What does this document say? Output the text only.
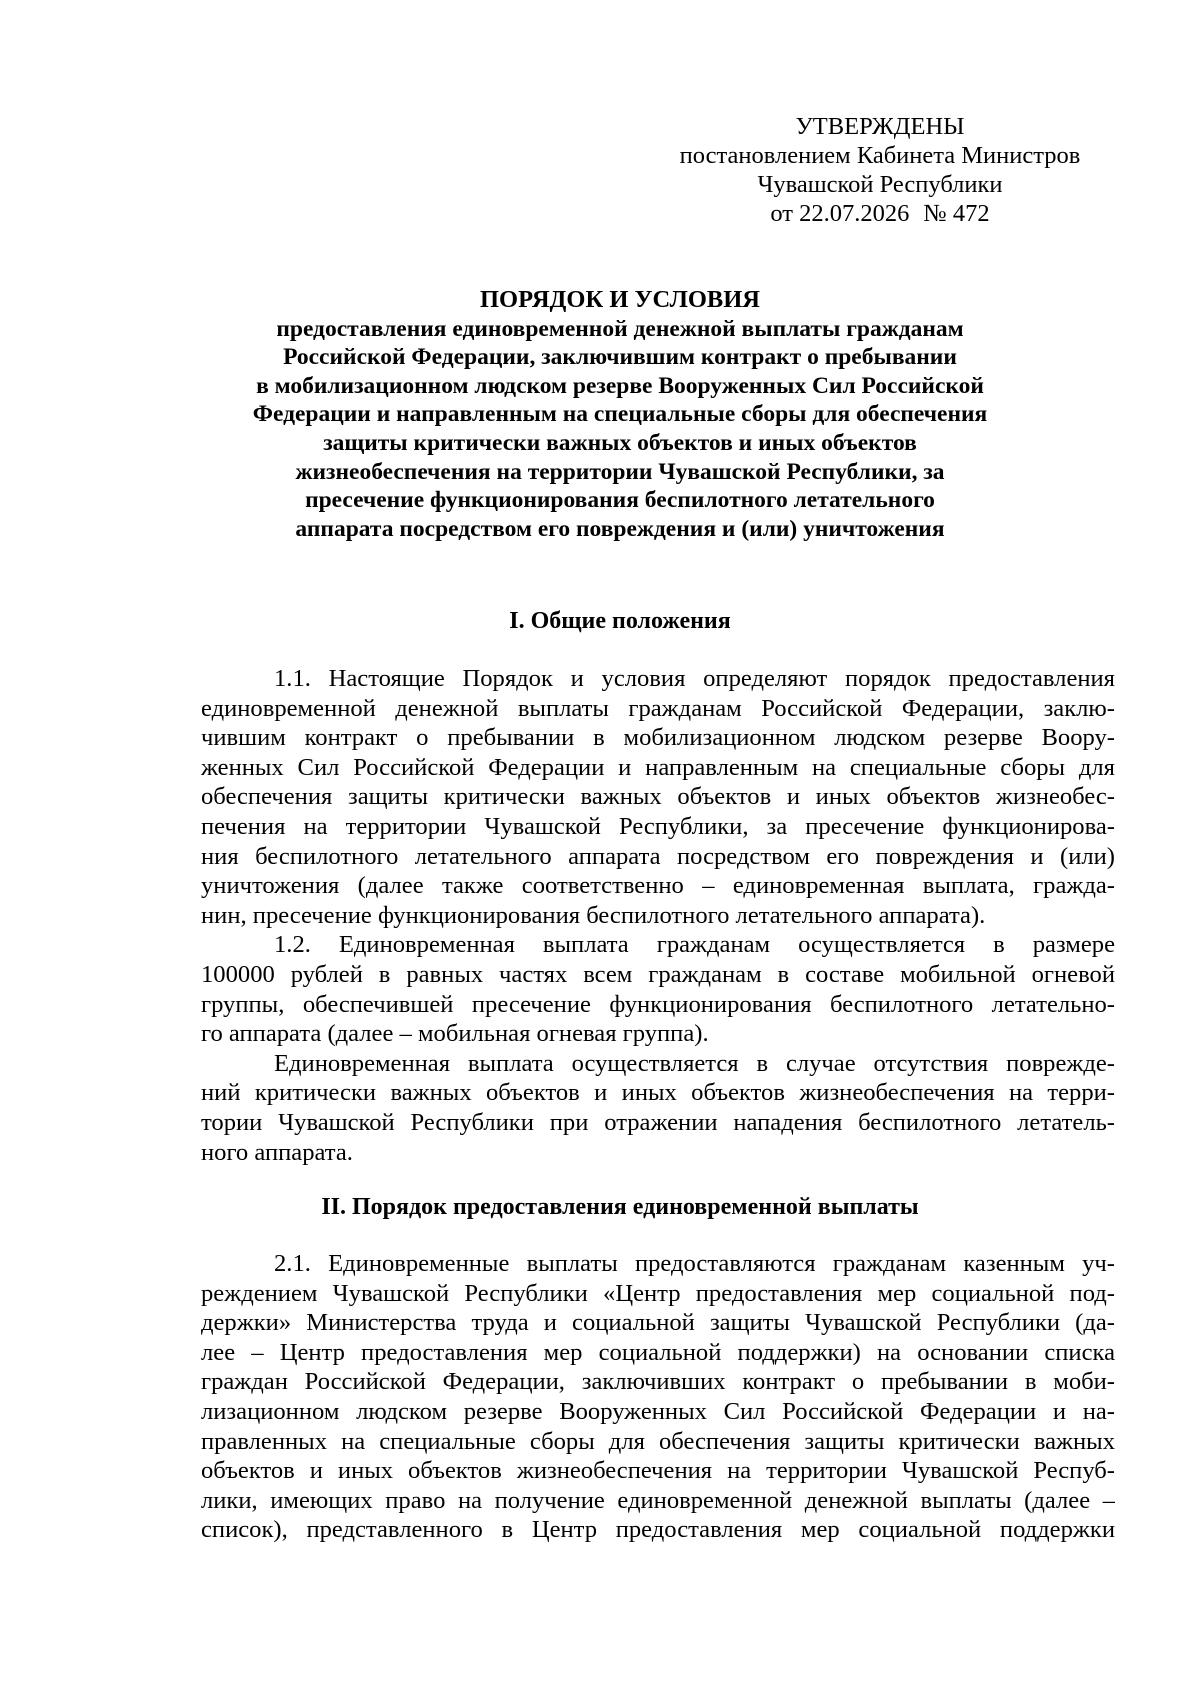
УТВЕРЖДЕНЫ
постановлением Кабинета Министров
Чувашской Республики
от 22.07.2026 № 472
ПОРЯДОК И УСЛОВИЯ
предоставления единовременной денежной выплаты гражданам
Российской Федерации, заключившим контракт о пребывании
в мобилизационном людском резерве Вооруженных Сил Российской
Федерации и направленным на специальные сборы для обеспечения
защиты критически важных объектов и иных объектов
жизнеобеспечения на территории Чувашской Республики, за
пресечение функционирования беспилотного летательного
аппарата посредством его повреждения и (или) уничтожения
I. Общие положения
1.1. Настоящие Порядок и условия определяют порядок предоставления
единовременной денежной выплаты гражданам Российской Федерации, заклю-
чившим контракт о пребывании в мобилизационном людском резерве Воору-
женных Сил Российской Федерации и направленным на специальные сборы для
обеспечения защиты критически важных объектов и иных объектов жизнеобес-
печения на территории Чувашской Республики, за пресечение функционирова-
ния беспилотного летательного аппарата посредством его повреждения и (или)
уничтожения (далее также соответственно – единовременная выплата, гражда-
нин, пресечение функционирования беспилотного летательного аппарата).
1.2. Единовременная выплата гражданам осуществляется в размере
100000 рублей в равных частях всем гражданам в составе мобильной огневой
группы, обеспечившей пресечение функционирования беспилотного летательно-
го аппарата (далее – мобильная огневая группа).
Единовременная выплата осуществляется в случае отсутствия поврежде-
ний критически важных объектов и иных объектов жизнеобеспечения на терри-
тории Чувашской Республики при отражении нападения беспилотного летатель-
ного аппарата.
II. Порядок предоставления единовременной выплаты
2.1. Единовременные выплаты предоставляются гражданам казенным уч-
реждением Чувашской Республики «Центр предоставления мер социальной под-
держки» Министерства труда и социальной защиты Чувашской Республики (да-
лее – Центр предоставления мер социальной поддержки) на основании списка
граждан Российской Федерации, заключивших контракт о пребывании в моби-
лизационном людском резерве Вооруженных Сил Российской Федерации и на-
правленных на специальные сборы для обеспечения защиты критически важных
объектов и иных объектов жизнеобеспечения на территории Чувашской Респуб-
лики, имеющих право на получение единовременной денежной выплаты (далее –
список), представленного в Центр предоставления мер социальной поддержки
